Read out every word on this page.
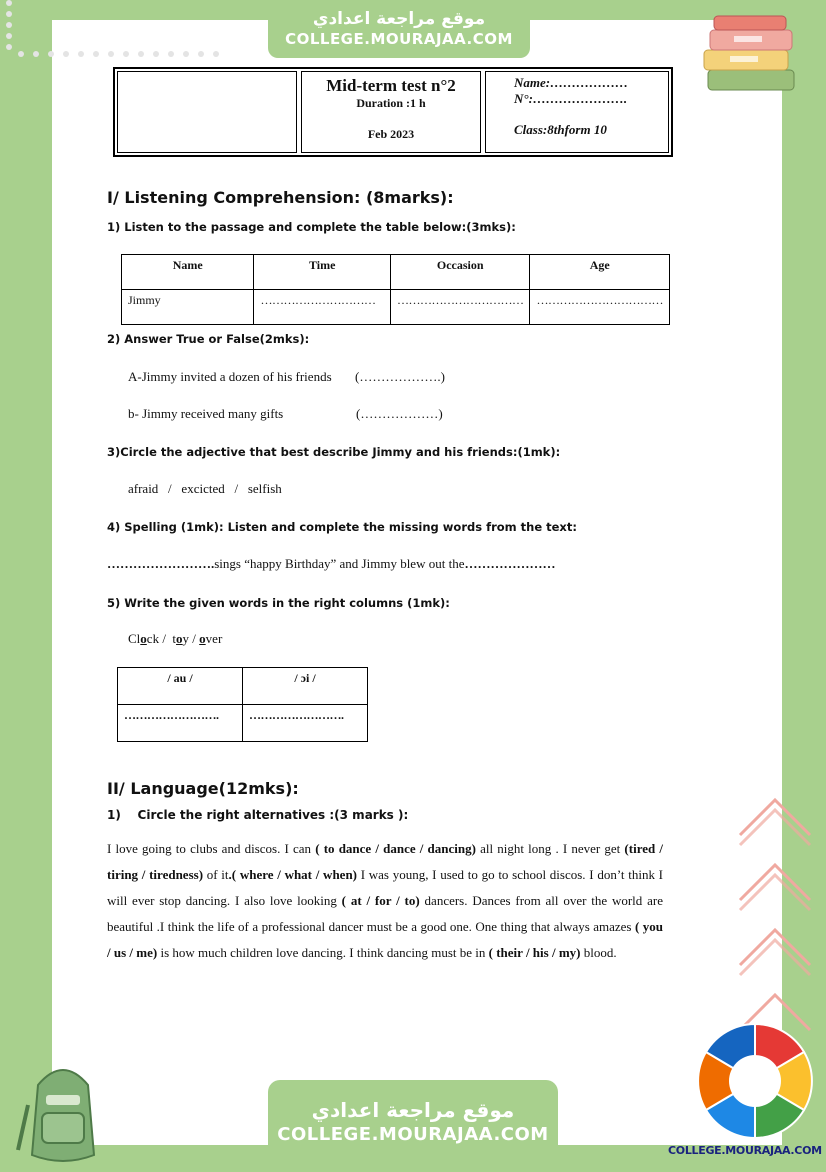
موقع مراجعة اعدادي
COLLEGE.MOURAJAA.COM
Mid-term test n°2
Duration :1 h
Feb 2023
Name:………………
N°:………………….
Class:8thform 10
I/ Listening Comprehension: (8marks):
1) Listen to the passage and complete the table below:(3mks):
Name	Time	Occasion	Age
Jimmy	…………………………	……………………………	……………………………
2) Answer True or False(2mks):
A-Jimmy invited a dozen of his friends (……………….)
b- Jimmy received many gifts	(………………)
3)Circle the adjective that best describe Jimmy and his friends:(1mk):
afraid   /   excicted   /   selfish
4) Spelling (1mk): Listen and complete the missing words from the text:
…………………….sings “happy Birthday” and Jimmy blew out the…………………
5) Write the given words in the right columns (1mk):
Clock /  toy / over
/ au /	/ ɔi /
…………………….	…………………….
II/ Language(12mks):
1)    Circle the right alternatives :(3 marks ):
I love going to clubs and discos. I can ( to dance / dance / dancing) all night long . I never get (tired / tiring / tiredness) of it.( where / what / when) I was young, I used to go to school discos. I don’t think I will ever stop dancing. I also love looking ( at / for / to) dancers. Dances from all over the world are beautiful .I think the life of a professional dancer must be a good one. One thing that always amazes ( you / us / me) is how much children love dancing. I think dancing must be in ( their / his / my) blood.
موقع مراجعة اعدادي
COLLEGE.MOURAJAA.COM
COLLEGE.MOURAJAA.COM
